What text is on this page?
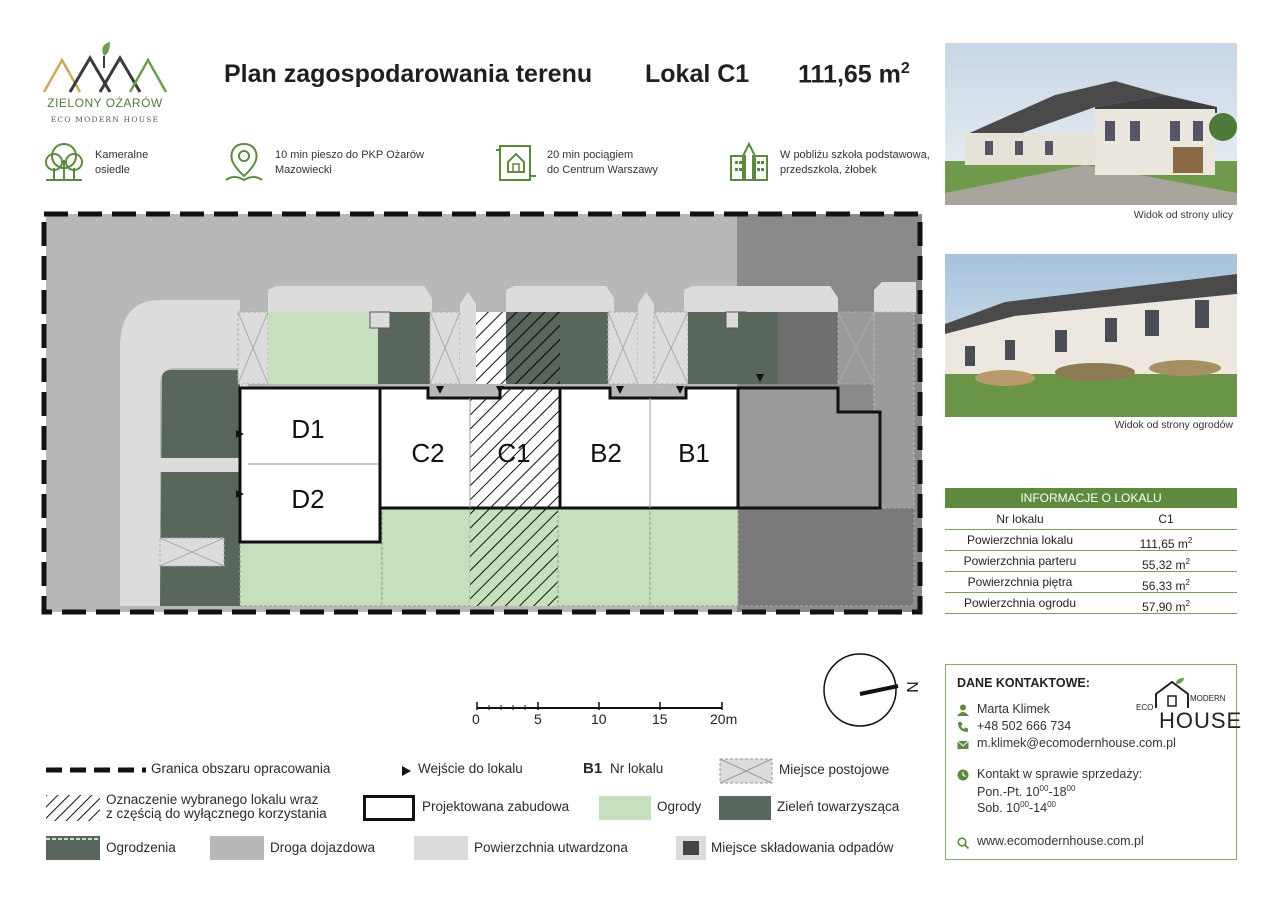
ZIELONY OŻARÓW
ECO MODERN HOUSE
Plan zagospodarowania terenu Lokal C1 111,65 $m^2$
Kameralne
osiedle
10 min pieszo do PKP Ożarów
Mazowiecki
20 min pociągiem
do Centrum Warszawy
W pobliżu szkoła podstawowa,
przedszkola, żłobek
Widok od strony ulicy
Widok od strony ogrodów
D1
D2
C2 C1 B2 B1
INFORMACJE O LOKALU
Nr lokalu	C1
Powierzchnia lokalu	111,65 $m^2$
Powierzchnia parteru	55,32 $m^2$
Powierzchnia piętra	56,33 $m^2$
Powierzchnia ogrodu	57,90 $m^2$
N
0	5	10	15	20m
DANE KONTAKTOWE:
ECO
MODERN
HOUSE
Marta Klimek
+48 502 666 734
m.klimek@ecomodernhouse.com.pl
Kontakt w sprawie sprzedaży:
Pon.-Pt. $10^{00}-18^{00}$
Sob. $10^{00}-14^{00}$
www.ecomodernhouse.com.pl
Granica obszaru opracowania	Wejście do lokalu	B1 Nr lokalu	Miejsce postojowe
Oznaczenie wybranego lokalu wraz
z częścią do wyłącznego korzystania	Projektowana zabudowa	Ogrody	Zieleń towarzysząca
Ogrodzenia	Droga dojazdowa	Powierzchnia utwardzona	Miejsce składowania odpadów
